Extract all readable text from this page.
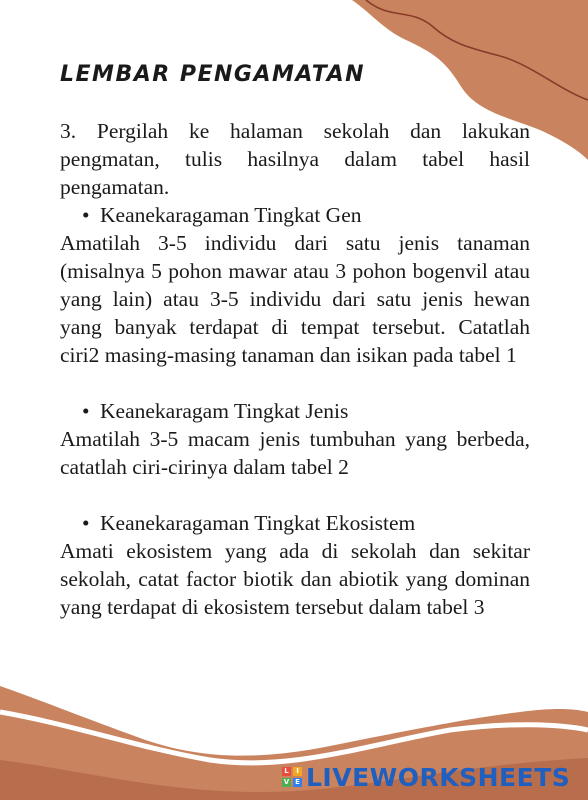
LEMBAR PENGAMATAN

3. Pergilah ke halaman sekolah dan lakukan pengmatan, tulis hasilnya dalam tabel hasil pengamatan.

• Keanekaragaman Tingkat Gen

Amatilah 3-5 individu dari satu jenis tanaman (misalnya 5 pohon mawar atau 3 pohon bogenvil atau yang lain) atau 3-5 individu dari satu jenis hewan yang banyak terdapat di tempat tersebut. Catatlah ciri2 masing-masing tanaman dan isikan pada tabel 1

• Keanekaragam Tingkat Jenis

Amatilah 3-5 macam jenis tumbuhan yang berbeda, catatlah ciri-cirinya dalam tabel 2

• Keanekaragaman Tingkat Ekosistem

Amati ekosistem yang ada di sekolah dan sekitar sekolah, catat factor biotik dan abiotik yang dominan yang terdapat di ekosistem tersebut dalam tabel 3

L	I
V E LIVEWORKSHEETS
